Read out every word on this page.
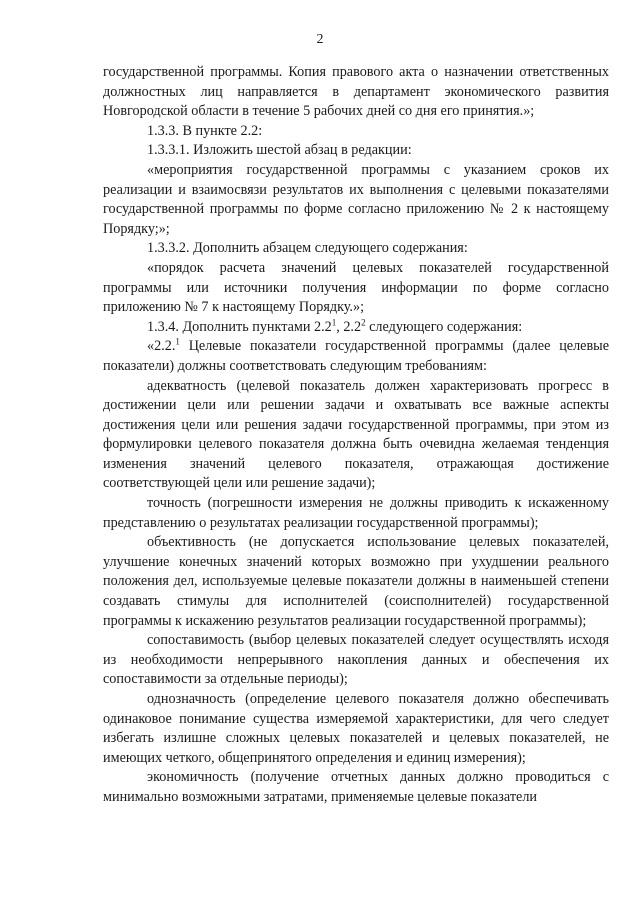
2

государственной программы. Копия правового акта о назначении ответственных должностных лиц направляется в департамент экономического развития Новгородской области в течение 5 рабочих дней со дня его принятия.»;

1.3.3. В пункте 2.2:

1.3.3.1. Изложить шестой абзац в редакции:

«мероприятия государственной программы с указанием сроков их реализации и взаимосвязи результатов их выполнения с целевыми показателями государственной программы по форме согласно приложению № 2 к настоящему Порядку;»;

1.3.3.2. Дополнить абзацем следующего содержания:

«порядок расчета значений целевых показателей государственной программы или источники получения информации по форме согласно приложению № 7 к настоящему Порядку.»;

1.3.4. Дополнить пунктами $2.2^1$, $2.2^2$ следующего содержания:

«2.2.$^1$ Целевые показатели государственной программы (далее целевые показатели) должны соответствовать следующим требованиям:

адекватность (целевой показатель должен характеризовать прогресс в достижении цели или решении задачи и охватывать все важные аспекты достижения цели или решения задачи государственной программы, при этом из формулировки целевого показателя должна быть очевидна желаемая тенденция изменения значений целевого показателя, отражающая достижение соответствующей цели или решение задачи);

точность (погрешности измерения не должны приводить к искаженному представлению о результатах реализации государственной программы);

объективность (не допускается использование целевых показателей, улучшение конечных значений которых возможно при ухудшении реального положения дел, используемые целевые показатели должны в наименьшей степени создавать стимулы для исполнителей (соисполнителей) государственной программы к искажению результатов реализации государственной программы);

сопоставимость (выбор целевых показателей следует осуществлять исходя из необходимости непрерывного накопления данных и обеспечения их сопоставимости за отдельные периоды);

однозначность (определение целевого показателя должно обеспечивать одинаковое понимание существа измеряемой характеристики, для чего следует избегать излишне сложных целевых показателей и целевых показателей, не имеющих четкого, общепринятого определения и единиц измерения);

экономичность (получение отчетных данных должно проводиться с минимально возможными затратами, применяемые целевые показатели
